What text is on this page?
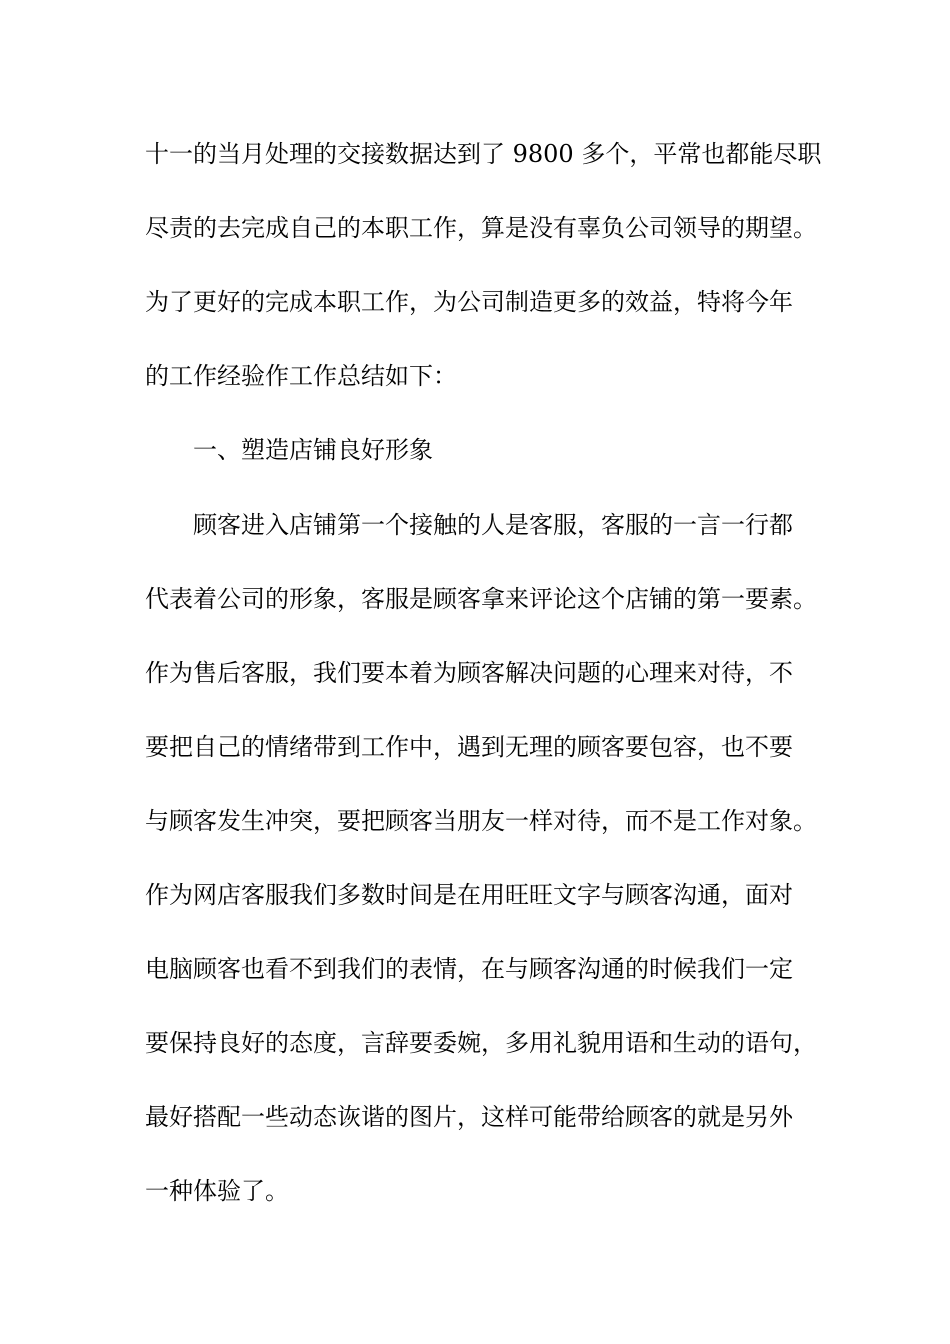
十一的当月处理的交接数据达到了 9800 多个，平常也都能尽职
尽责的去完成自己的本职工作，算是没有辜负公司领导的期望。
为了更好的完成本职工作，为公司制造更多的效益，特将今年
的工作经验作工作总结如下：
一、塑造店铺良好形象
顾客进入店铺第一个接触的人是客服，客服的一言一行都
代表着公司的形象，客服是顾客拿来评论这个店铺的第一要素。
作为售后客服，我们要本着为顾客解决问题的心理来对待，不
要把自己的情绪带到工作中，遇到无理的顾客要包容，也不要
与顾客发生冲突，要把顾客当朋友一样对待，而不是工作对象。
作为网店客服我们多数时间是在用旺旺文字与顾客沟通，面对
电脑顾客也看不到我们的表情，在与顾客沟通的时候我们一定
要保持良好的态度，言辞要委婉，多用礼貌用语和生动的语句，
最好搭配一些动态诙谐的图片，这样可能带给顾客的就是另外
一种体验了。
